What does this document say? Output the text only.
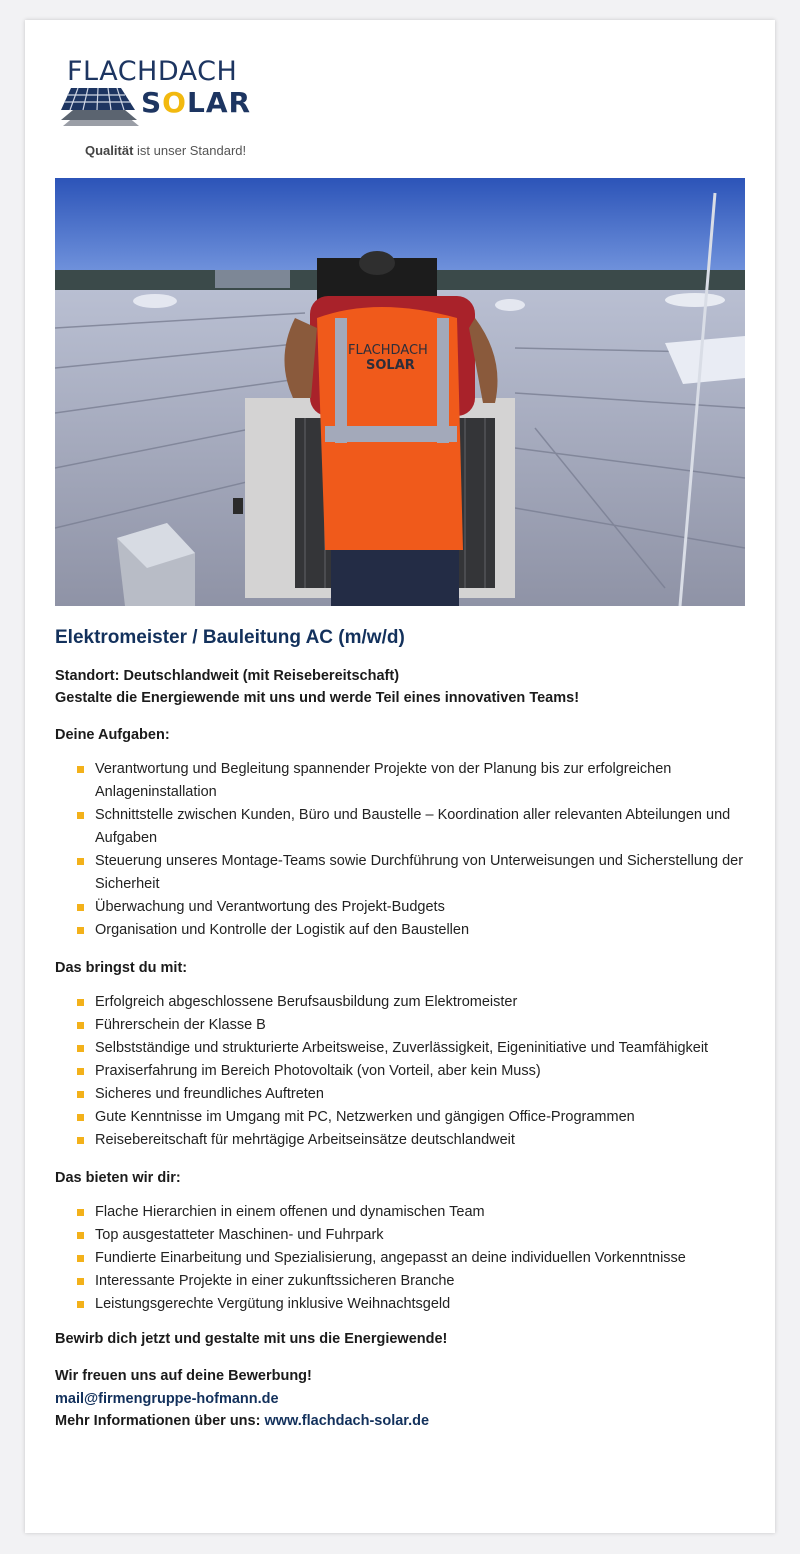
FLACHDACH
SOLAR
Qualität ist unser Standard!
FLACHDACH
SOLAR
Elektromeister / Bauleitung AC (m/w/d)
Standort: Deutschlandweit (mit Reisebereitschaft)
Gestalte die Energiewende mit uns und werde Teil eines innovativen Teams!
Deine Aufgaben:
Verantwortung und Begleitung spannender Projekte von der Planung bis zur erfolgreichen Anlageninstallation
Schnittstelle zwischen Kunden, Büro und Baustelle – Koordination aller relevanten Abteilungen und Aufgaben
Steuerung unseres Montage-Teams sowie Durchführung von Unterweisungen und Sicherstellung der Sicherheit
Überwachung und Verantwortung des Projekt-Budgets
Organisation und Kontrolle der Logistik auf den Baustellen
Das bringst du mit:
Erfolgreich abgeschlossene Berufsausbildung zum Elektromeister
Führerschein der Klasse B
Selbstständige und strukturierte Arbeitsweise, Zuverlässigkeit, Eigeninitiative und Teamfähigkeit
Praxiserfahrung im Bereich Photovoltaik (von Vorteil, aber kein Muss)
Sicheres und freundliches Auftreten
Gute Kenntnisse im Umgang mit PC, Netzwerken und gängigen Office-Programmen
Reisebereitschaft für mehrtägige Arbeitseinsätze deutschlandweit
Das bieten wir dir:
Flache Hierarchien in einem offenen und dynamischen Team
Top ausgestatteter Maschinen- und Fuhrpark
Fundierte Einarbeitung und Spezialisierung, angepasst an deine individuellen Vorkenntnisse
Interessante Projekte in einer zukunftssicheren Branche
Leistungsgerechte Vergütung inklusive Weihnachtsgeld
Bewirb dich jetzt und gestalte mit uns die Energiewende!
Wir freuen uns auf deine Bewerbung!
mail@firmengruppe-hofmann.de
Mehr Informationen über uns: www.flachdach-solar.de
